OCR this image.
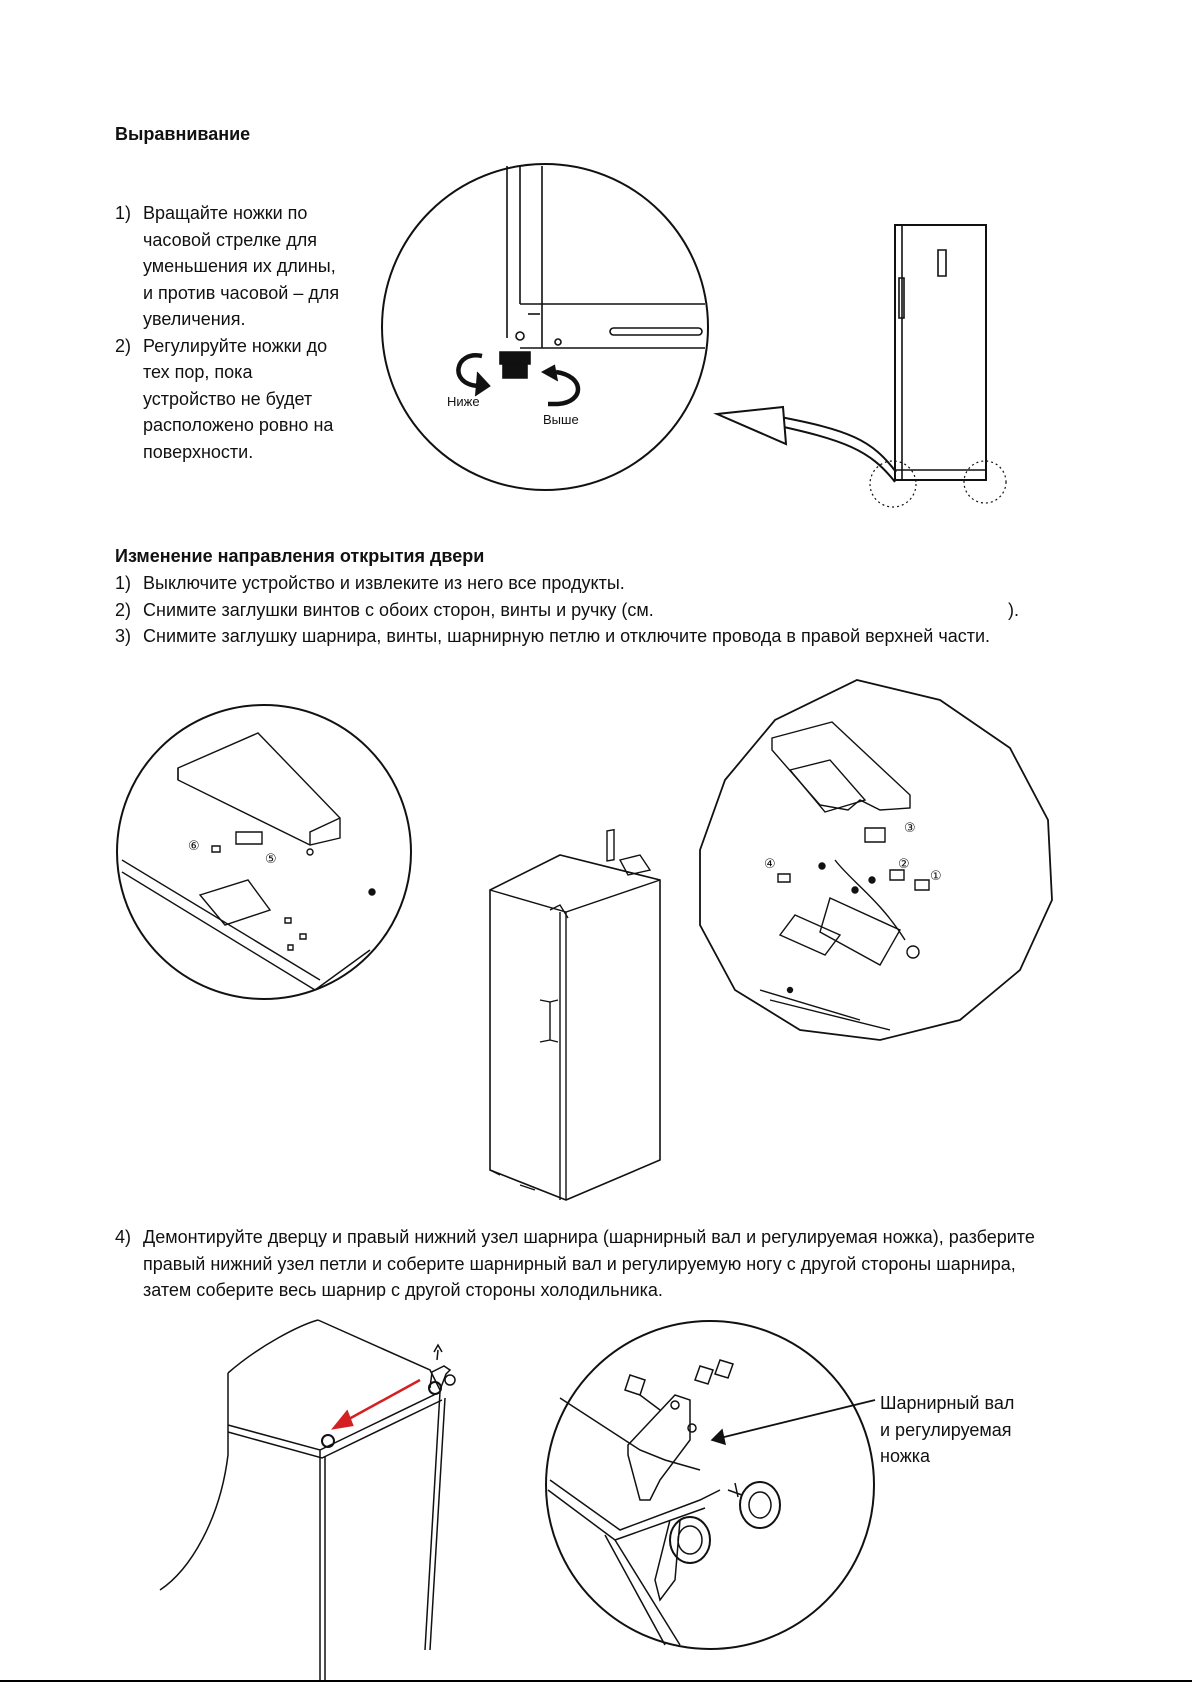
Выравнивание
1) Вращайте ножки по
часовой стрелке для
уменьшения их длины,
и против часовой – для
увеличения.
2) Регулируйте ножки до
тех пор, пока
устройство не будет
расположено ровно на
поверхности.
Ниже
Выше
Изменение направления открытия двери
1) Выключите устройство и извлеките из него все продукты.
2) Снимите заглушки винтов с обоих сторон, винты и ручку (см.	).
3) Снимите заглушку шарнира, винты, шарнирную петлю и отключите провода в правой верхней части.
⑥
⑤	④
③
②
①
4) Демонтируйте дверцу и правый нижний узел шарнира (шарнирный вал и регулируемая ножка), разберите
правый нижний узел петли и соберите шарнирный вал и регулируемую ногу с другой стороны шарнира,
затем соберите весь шарнир с другой стороны холодильника.
Шарнирный вал
и регулируемая
ножка
